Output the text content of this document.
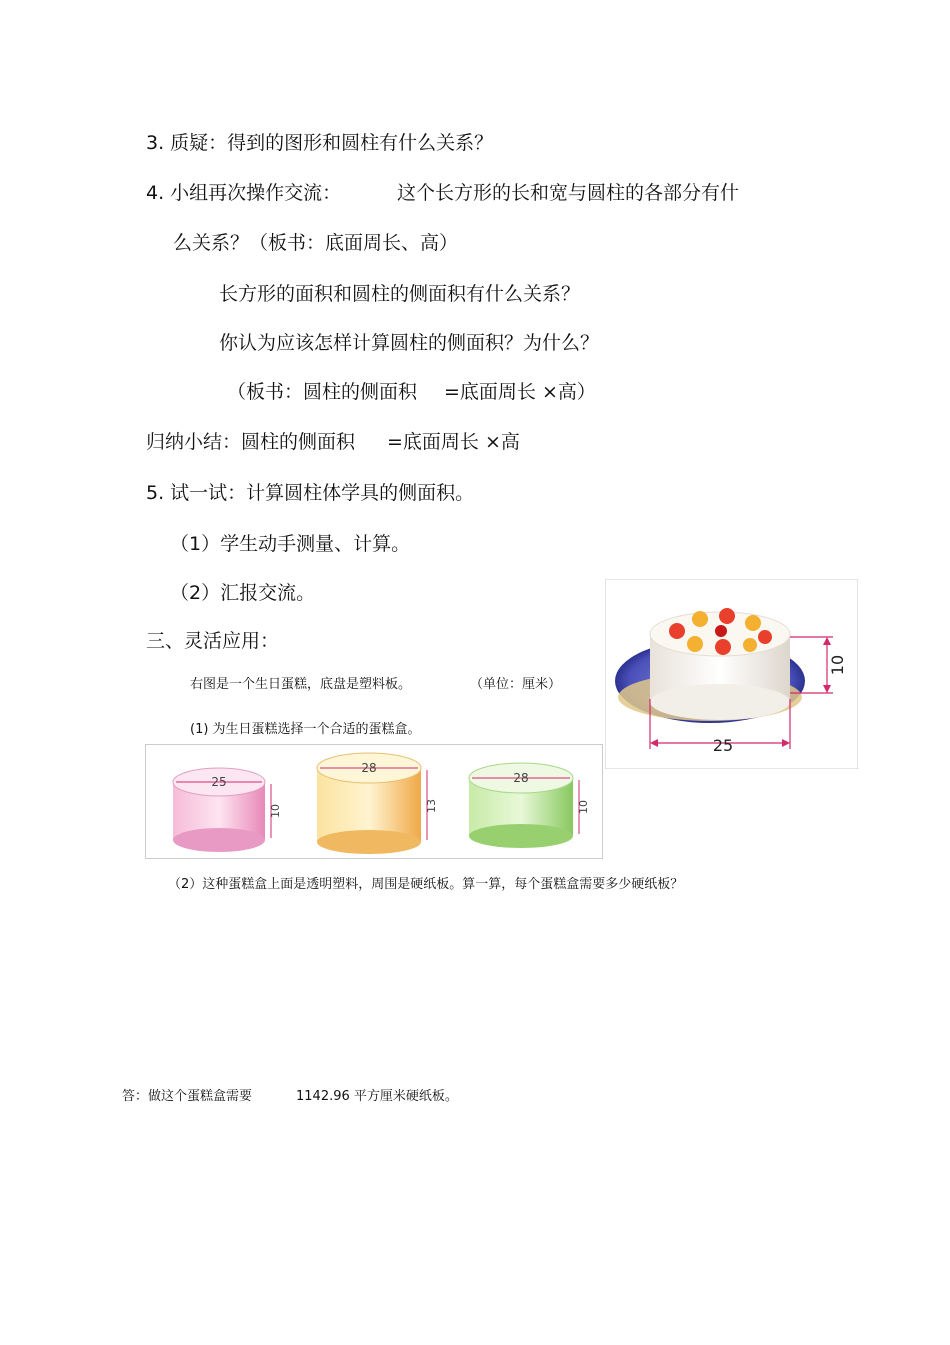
3. 质疑：得到的图形和圆柱有什么关系？
4. 小组再次操作交流：	这个长方形的长和宽与圆柱的各部分有什
么关系？（板书：底面周长、高）
长方形的面积和圆柱的侧面积有什么关系？
你认为应该怎样计算圆柱的侧面积？为什么？
（板书：圆柱的侧面积 =底面周长 ×高）
归纳小结：圆柱的侧面积 =底面周长 ×高
5. 试一试：计算圆柱体学具的侧面积。
（1）学生动手测量、计算。
（2）汇报交流。
三、灵活应用：
右图是一个生日蛋糕，底盘是塑料板。	（单位：厘米）
(1) 为生日蛋糕选择一个合适的蛋糕盒。
（2）这种蛋糕盒上面是透明塑料，周围是硬纸板。算一算，每个蛋糕盒需要多少硬纸板？
答：做这个蛋糕盒需要	1142.96 平方厘米硬纸板。
10
25
25
10
28
13
28
10
